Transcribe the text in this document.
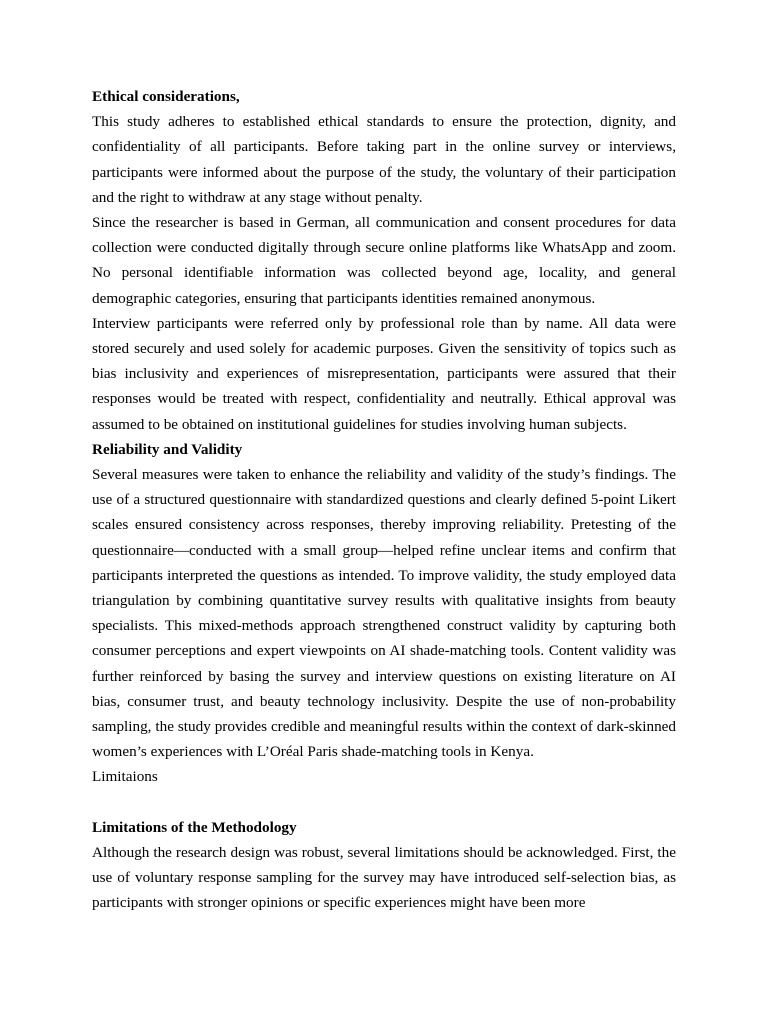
Ethical considerations,

This study adheres to established ethical standards to ensure the protection, dignity, and confidentiality of all participants. Before taking part in the online survey or interviews, participants were informed about the purpose of the study, the voluntary of their participation and the right to withdraw at any stage without penalty.

Since the researcher is based in German, all communication and consent procedures for data collection were conducted digitally through secure online platforms like WhatsApp and zoom. No personal identifiable information was collected beyond age, locality, and general demographic categories, ensuring that participants identities remained anonymous.

Interview participants were referred only by professional role than by name. All data were stored securely and used solely for academic purposes. Given the sensitivity of topics such as bias inclusivity and experiences of misrepresentation, participants were assured that their responses would be treated with respect, confidentiality and neutrally. Ethical approval was assumed to be obtained on institutional guidelines for studies involving human subjects.

Reliability and Validity

Several measures were taken to enhance the reliability and validity of the study’s findings. The use of a structured questionnaire with standardized questions and clearly defined 5-point Likert scales ensured consistency across responses, thereby improving reliability. Pretesting of the questionnaire—conducted with a small group—helped refine unclear items and confirm that participants interpreted the questions as intended. To improve validity, the study employed data triangulation by combining quantitative survey results with qualitative insights from beauty specialists. This mixed-methods approach strengthened construct validity by capturing both consumer perceptions and expert viewpoints on AI shade-matching tools. Content validity was further reinforced by basing the survey and interview questions on existing literature on AI bias, consumer trust, and beauty technology inclusivity. Despite the use of non-probability sampling, the study provides credible and meaningful results within the context of dark-skinned women’s experiences with L’Oréal Paris shade-matching tools in Kenya.

Limitaions

Limitations of the Methodology

Although the research design was robust, several limitations should be acknowledged. First, the use of voluntary response sampling for the survey may have introduced self-selection bias, as participants with stronger opinions or specific experiences might have been more
